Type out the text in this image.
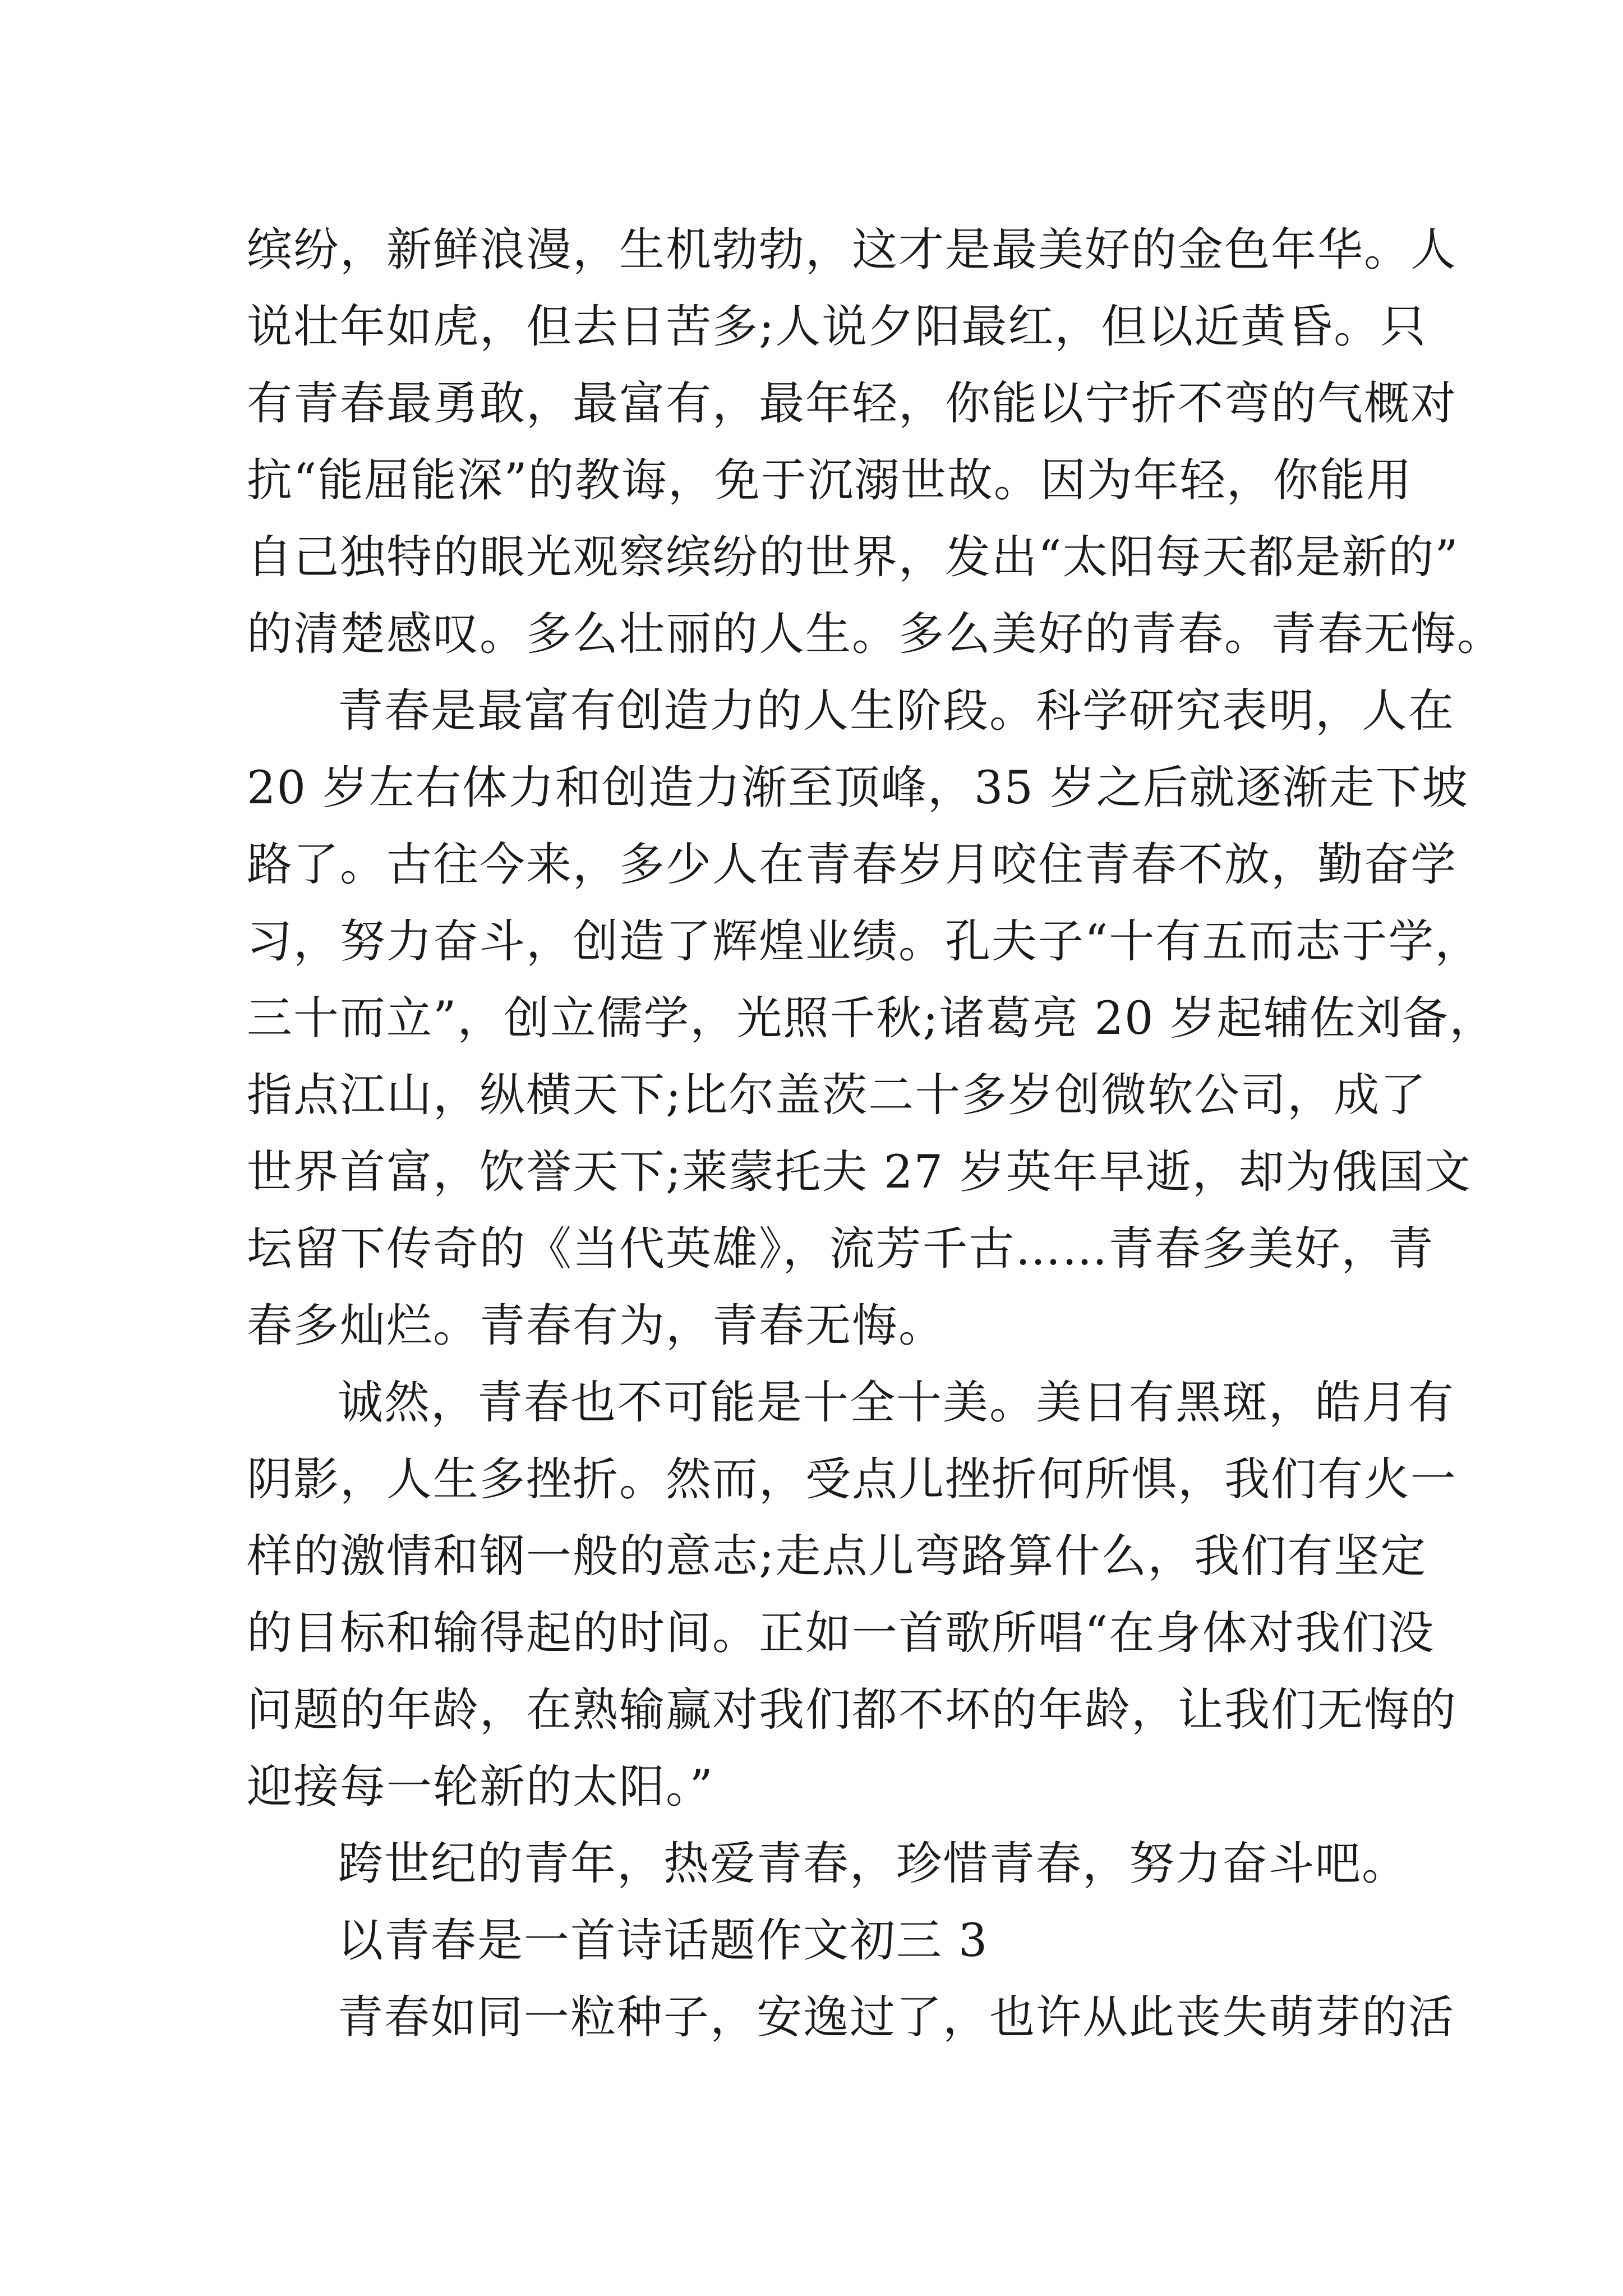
缤纷，新鲜浪漫，生机勃勃，这才是最美好的金色年华。人
说壮年如虎，但去日苦多;人说夕阳最红，但以近黄昏。只
有青春最勇敢，最富有，最年轻，你能以宁折不弯的气概对
抗“能屈能深”的教诲，免于沉溺世故。因为年轻，你能用
自己独特的眼光观察缤纷的世界，发出“太阳每天都是新的”
的清楚感叹。多么壮丽的人生。多么美好的青春。青春无悔。
青春是最富有创造力的人生阶段。科学研究表明，人在
20 岁左右体力和创造力渐至顶峰，35 岁之后就逐渐走下坡
路了。古往今来，多少人在青春岁月咬住青春不放，勤奋学
习，努力奋斗，创造了辉煌业绩。孔夫子“十有五而志于学，
三十而立”，创立儒学，光照千秋;诸葛亮 20 岁起辅佐刘备，
指点江山，纵横天下;比尔盖茨二十多岁创微软公司，成了
世界首富，饮誉天下;莱蒙托夫 27 岁英年早逝，却为俄国文
坛留下传奇的《当代英雄》，流芳千古……青春多美好，青
春多灿烂。青春有为，青春无悔。
诚然，青春也不可能是十全十美。美日有黑斑，皓月有
阴影，人生多挫折。然而，受点儿挫折何所惧，我们有火一
样的激情和钢一般的意志;走点儿弯路算什么，我们有坚定
的目标和输得起的时间。正如一首歌所唱“在身体对我们没
问题的年龄，在熟输赢对我们都不坏的年龄，让我们无悔的
迎接每一轮新的太阳。”
跨世纪的青年，热爱青春，珍惜青春，努力奋斗吧。
以青春是一首诗话题作文初三 3
青春如同一粒种子，安逸过了，也许从此丧失萌芽的活
